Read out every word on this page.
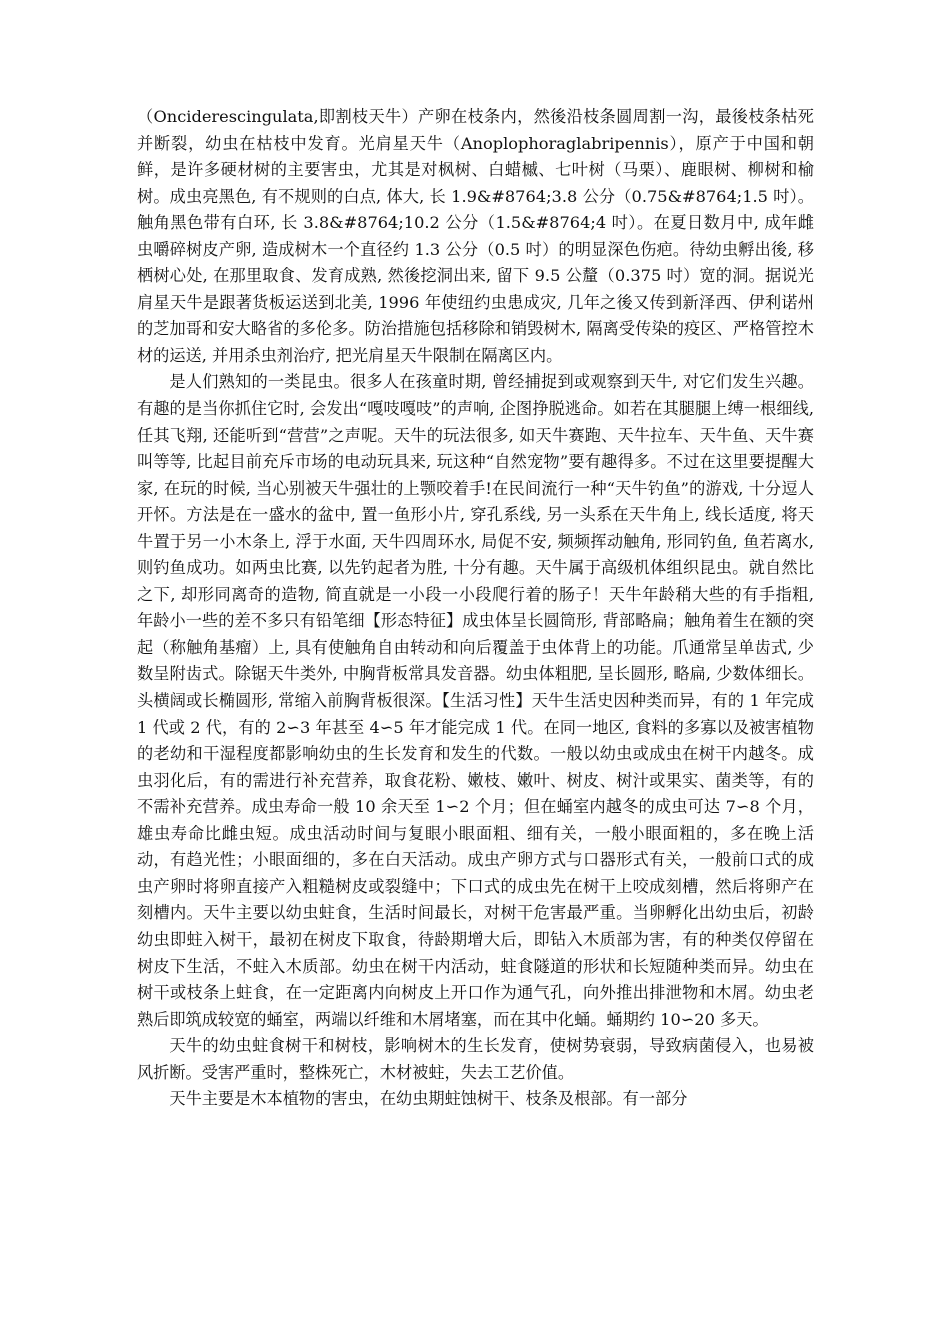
（Onciderescingulata,即割枝天牛）产卵在枝条内，然後沿枝条圆周割一沟，最後枝条枯死并断裂，幼虫在枯枝中发育。光肩星天牛（Anoplophoraglabripennis），原产于中国和朝鲜，是许多硬材树的主要害虫，尤其是对枫树、白蜡槭、七叶树（马栗）、鹿眼树、柳树和榆树。成虫亮黑色, 有不规则的白点, 体大, 长 1.9&#8764;3.8 公分（0.75&#8764;1.5 吋）。触角黑色带有白环, 长 3.8&#8764;10.2 公分（1.5&#8764;4 吋）。在夏日数月中, 成年雌虫嚼碎树皮产卵, 造成树木一个直径约 1.3 公分（0.5 吋）的明显深色伤疤。待幼虫孵出後, 移栖树心处, 在那里取食、发育成熟, 然後挖洞出来, 留下 9.5 公釐（0.375 吋）宽的洞。据说光肩星天牛是跟著货板运送到北美, 1996 年使纽约虫患成灾, 几年之後又传到新泽西、伊利诺州的芝加哥和安大略省的多伦多。防治措施包括移除和销毁树木, 隔离受传染的疫区、严格管控木材的运送, 并用杀虫剂治疗, 把光肩星天牛限制在隔离区内。

是人们熟知的一类昆虫。很多人在孩童时期, 曾经捕捉到或观察到天牛, 对它们发生兴趣。有趣的是当你抓住它时, 会发出“嘎吱嘎吱”的声响, 企图挣脱逃命。如若在其腿腿上缚一根细线, 任其飞翔, 还能听到“营营”之声呢。天牛的玩法很多, 如天牛赛跑、天牛拉车、天牛鱼、天牛赛叫等等, 比起目前充斥市场的电动玩具来, 玩这种“自然宠物”要有趣得多。不过在这里要提醒大家, 在玩的时候, 当心别被天牛强壮的上颚咬着手!在民间流行一种“天牛钓鱼”的游戏, 十分逗人开怀。方法是在一盛水的盆中, 置一鱼形小片, 穿孔系线, 另一头系在天牛角上, 线长适度, 将天牛置于另一小木条上, 浮于水面, 天牛四周环水, 局促不安, 频频挥动触角, 形同钓鱼, 鱼若离水, 则钓鱼成功。如两虫比赛, 以先钓起者为胜, 十分有趣。天牛属于高级机体组织昆虫。就自然比之下, 却形同离奇的造物, 简直就是一小段一小段爬行着的肠子！天牛年龄稍大些的有手指粗, 年龄小一些的差不多只有铅笔细【形态特征】成虫体呈长圆筒形, 背部略扁；触角着生在额的突起（称触角基瘤）上, 具有使触角自由转动和向后覆盖于虫体背上的功能。爪通常呈单齿式, 少数呈附齿式。除锯天牛类外, 中胸背板常具发音器。幼虫体粗肥, 呈长圆形, 略扁, 少数体细长。头横阔或长椭圆形, 常缩入前胸背板很深。【生活习性】天牛生活史因种类而异，有的 1 年完成 1 代或 2 代，有的 2∽3 年甚至 4∽5 年才能完成 1 代。在同一地区, 食料的多寡以及被害植物的老幼和干湿程度都影响幼虫的生长发育和发生的代数。一般以幼虫或成虫在树干内越冬。成虫羽化后，有的需进行补充营养，取食花粉、嫩枝、嫩叶、树皮、树汁或果实、菌类等，有的不需补充营养。成虫寿命一般 10 余天至 1∽2 个月；但在蛹室内越冬的成虫可达 7∽8 个月，雄虫寿命比雌虫短。成虫活动时间与复眼小眼面粗、细有关，一般小眼面粗的，多在晚上活动，有趋光性；小眼面细的，多在白天活动。成虫产卵方式与口器形式有关，一般前口式的成虫产卵时将卵直接产入粗糙树皮或裂缝中；下口式的成虫先在树干上咬成刻槽，然后将卵产在刻槽内。天牛主要以幼虫蛀食，生活时间最长，对树干危害最严重。当卵孵化出幼虫后，初龄幼虫即蛀入树干，最初在树皮下取食，待龄期增大后，即钻入木质部为害，有的种类仅停留在树皮下生活，不蛀入木质部。幼虫在树干内活动，蛀食隧道的形状和长短随种类而异。幼虫在树干或枝条上蛀食，在一定距离内向树皮上开口作为通气孔，向外推出排泄物和木屑。幼虫老熟后即筑成较宽的蛹室，两端以纤维和木屑堵塞，而在其中化蛹。蛹期约 10∽20 多天。

天牛的幼虫蛀食树干和树枝，影响树木的生长发育，使树势衰弱，导致病菌侵入，也易被风折断。受害严重时，整株死亡，木材被蛀，失去工艺价值。

天牛主要是木本植物的害虫，在幼虫期蛀蚀树干、枝条及根部。有一部分
